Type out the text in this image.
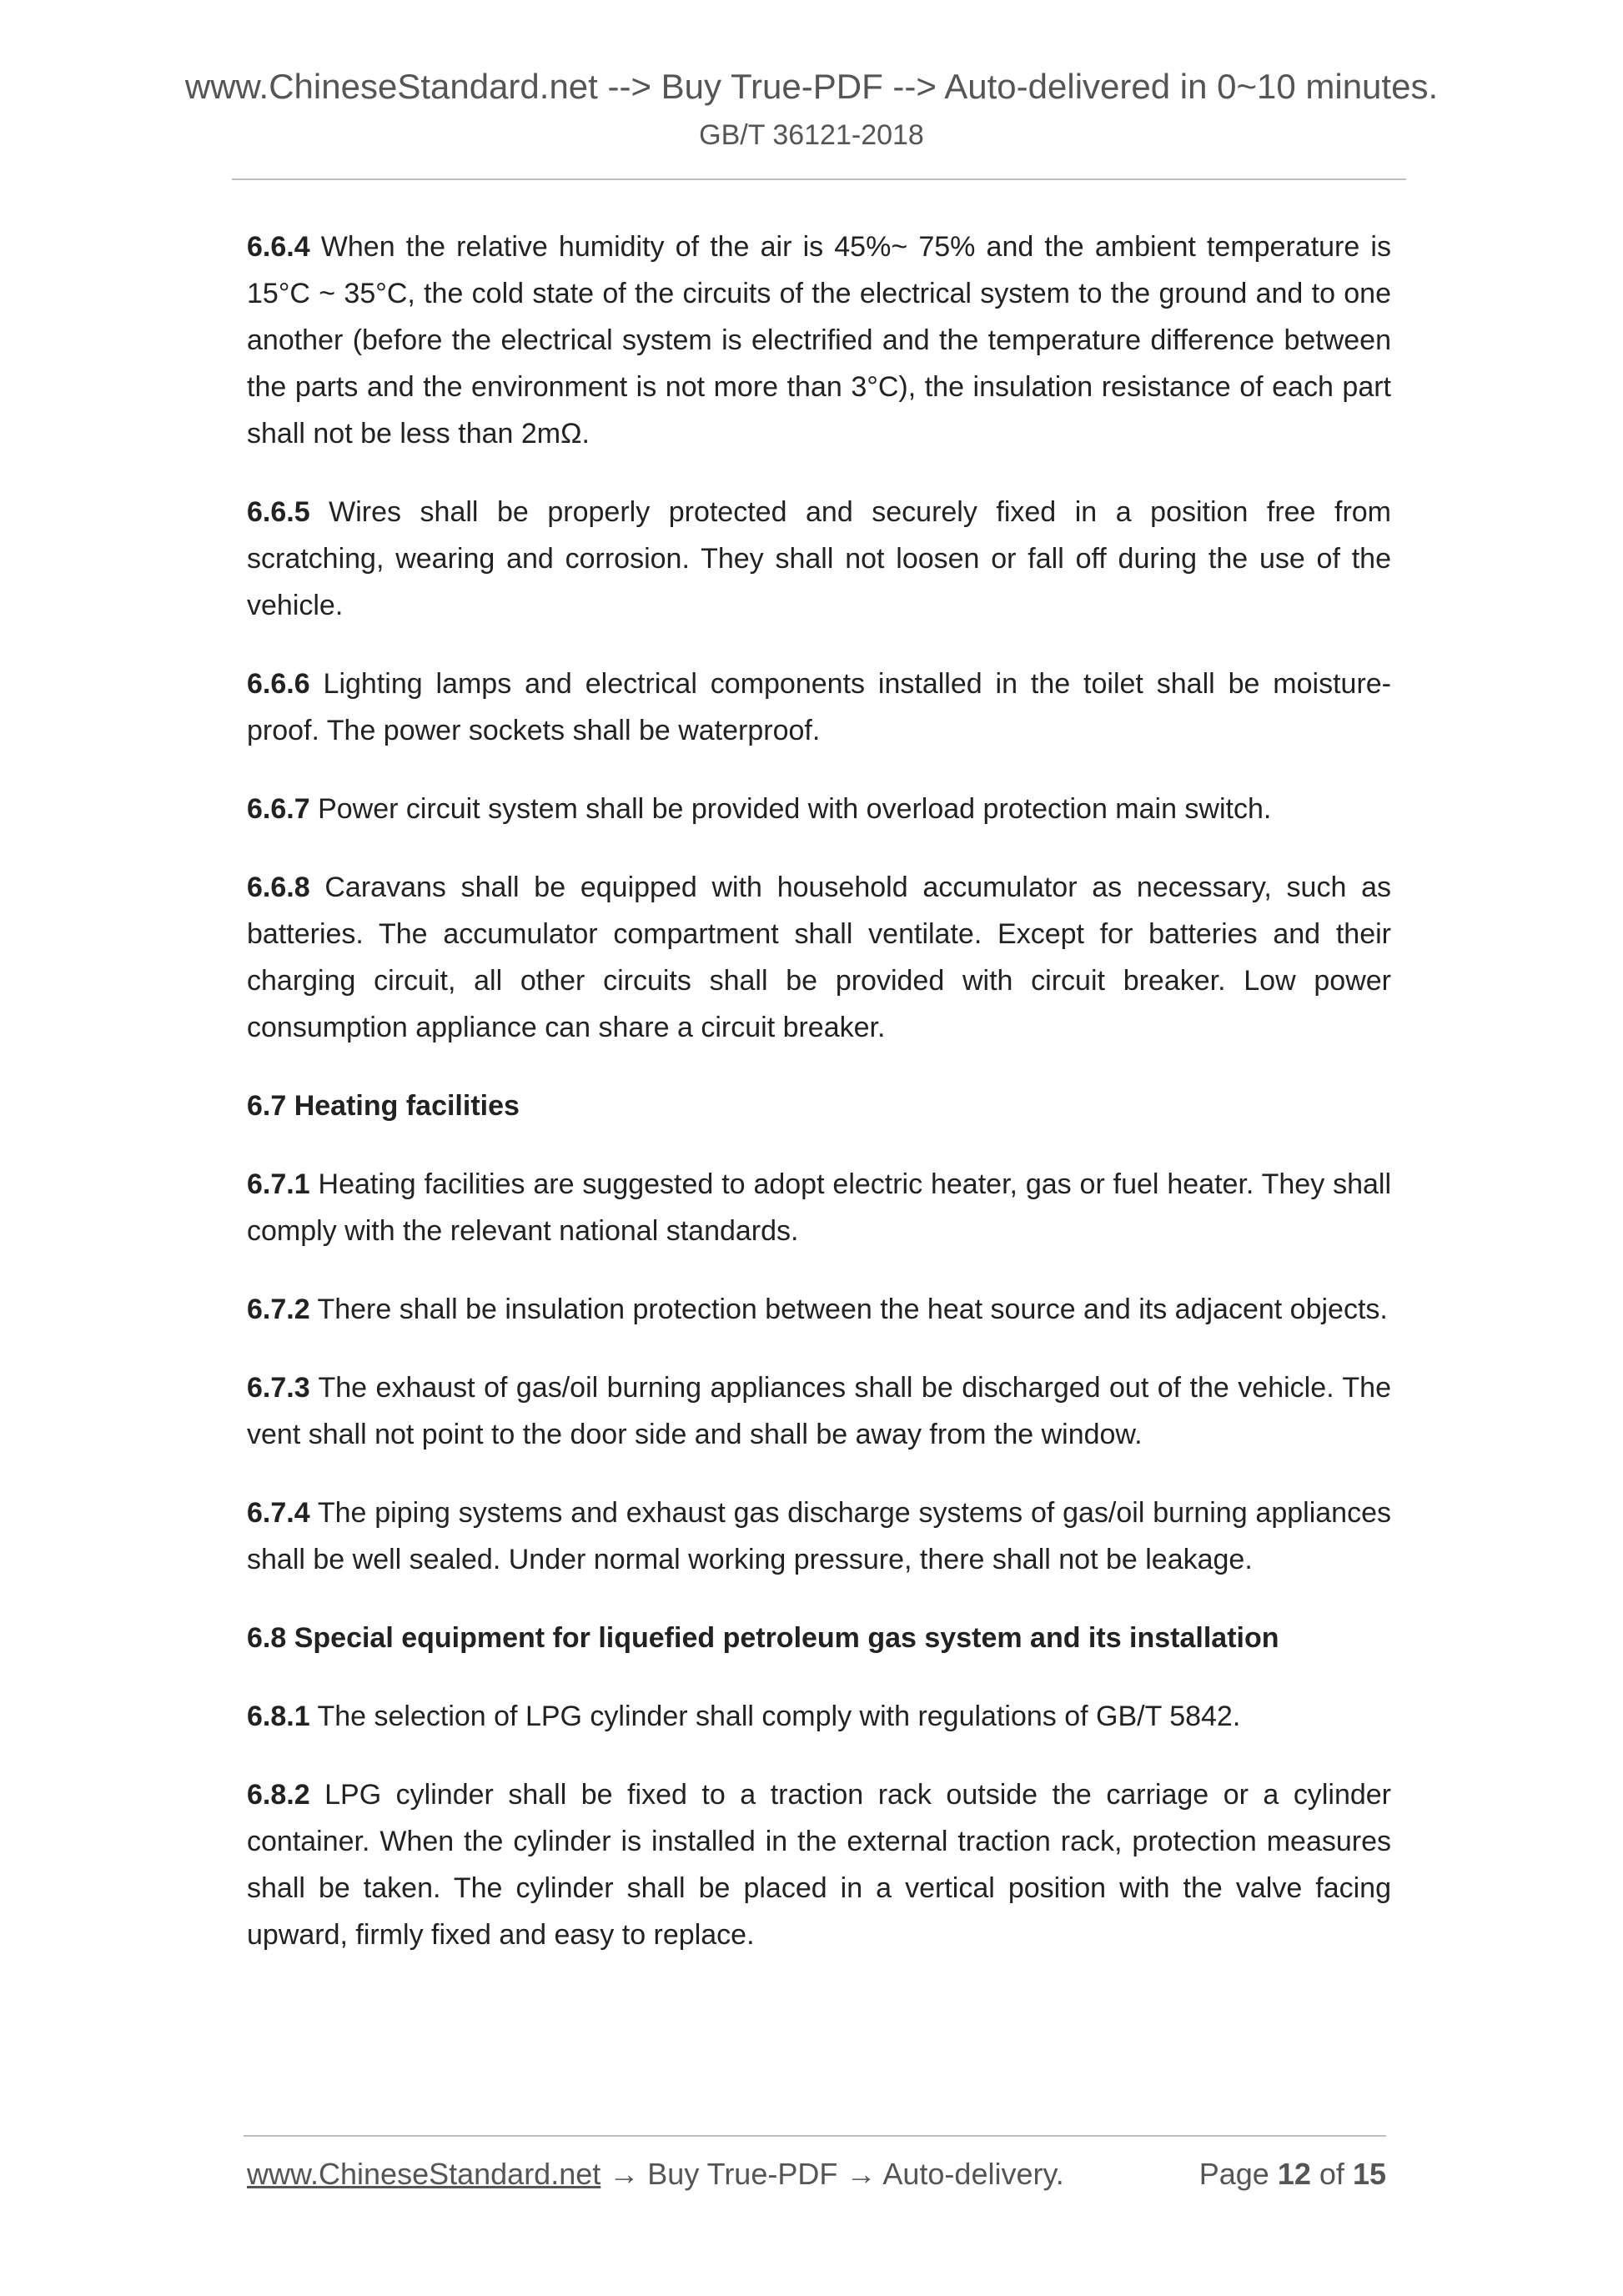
www.ChineseStandard.net --> Buy True-PDF --> Auto-delivered in 0~10 minutes.
GB/T 36121-2018

6.6.4 When the relative humidity of the air is 45%~ 75% and the ambient temperature is 15°C ~ 35°C, the cold state of the circuits of the electrical system to the ground and to one another (before the electrical system is electrified and the temperature difference between the parts and the environment is not more than 3°C), the insulation resistance of each part shall not be less than 2mΩ.

6.6.5 Wires shall be properly protected and securely fixed in a position free from scratching, wearing and corrosion. They shall not loosen or fall off during the use of the vehicle.

6.6.6 Lighting lamps and electrical components installed in the toilet shall be moisture-proof. The power sockets shall be waterproof.

6.6.7 Power circuit system shall be provided with overload protection main switch.

6.6.8 Caravans shall be equipped with household accumulator as necessary, such as batteries. The accumulator compartment shall ventilate. Except for batteries and their charging circuit, all other circuits shall be provided with circuit breaker. Low power consumption appliance can share a circuit breaker.

6.7 Heating facilities

6.7.1 Heating facilities are suggested to adopt electric heater, gas or fuel heater. They shall comply with the relevant national standards.

6.7.2 There shall be insulation protection between the heat source and its adjacent objects.

6.7.3 The exhaust of gas/oil burning appliances shall be discharged out of the vehicle. The vent shall not point to the door side and shall be away from the window.

6.7.4 The piping systems and exhaust gas discharge systems of gas/oil burning appliances shall be well sealed. Under normal working pressure, there shall not be leakage.

6.8 Special equipment for liquefied petroleum gas system and its installation

6.8.1 The selection of LPG cylinder shall comply with regulations of GB/T 5842.

6.8.2 LPG cylinder shall be fixed to a traction rack outside the carriage or a cylinder container. When the cylinder is installed in the external traction rack, protection measures shall be taken. The cylinder shall be placed in a vertical position with the valve facing upward, firmly fixed and easy to replace.

www.ChineseStandard.net → Buy True-PDF → Auto-delivery.	Page 12 of 15
